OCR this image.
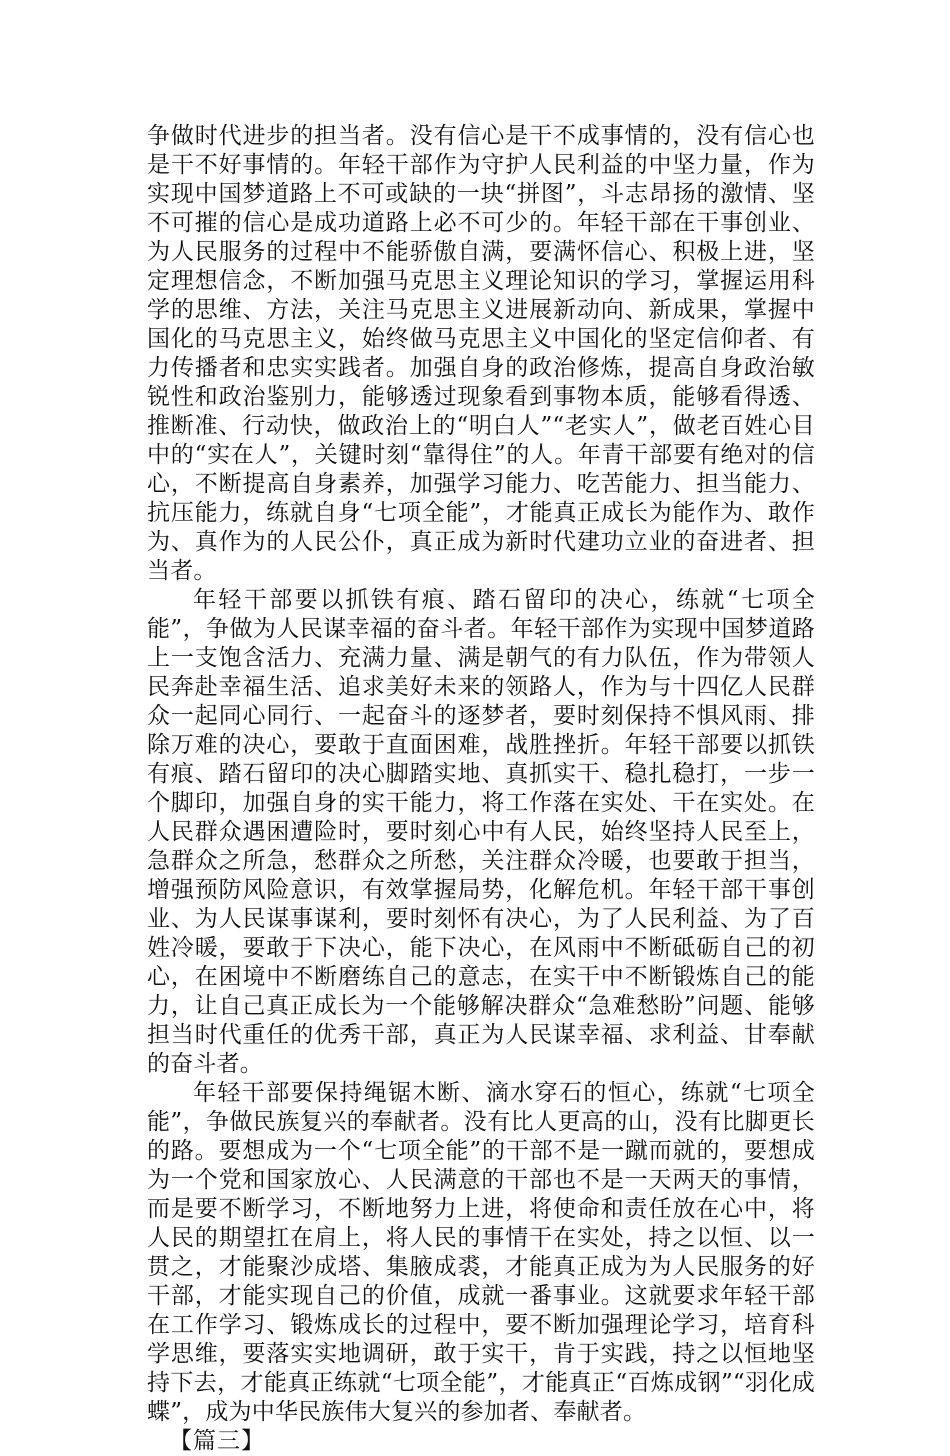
争做时代进步的担当者。没有信心是干不成事情的，没有信心也是干不好事情的。年轻干部作为守护人民利益的中坚力量，作为实现中国梦道路上不可或缺的一块“拼图”，斗志昂扬的激情、坚不可摧的信心是成功道路上必不可少的。年轻干部在干事创业、为人民服务的过程中不能骄傲自满，要满怀信心、积极上进，坚定理想信念，不断加强马克思主义理论知识的学习，掌握运用科学的思维、方法，关注马克思主义进展新动向、新成果，掌握中国化的马克思主义，始终做马克思主义中国化的坚定信仰者、有力传播者和忠实实践者。加强自身的政治修炼，提高自身政治敏锐性和政治鉴别力，能够透过现象看到事物本质，能够看得透、推断准、行动快，做政治上的“明白人”“老实人”，做老百姓心目中的“实在人”，关键时刻“靠得住”的人。年青干部要有绝对的信心，不断提高自身素养，加强学习能力、吃苦能力、担当能力、抗压能力，练就自身“七项全能”，才能真正成长为能作为、敢作为、真作为的人民公仆，真正成为新时代建功立业的奋进者、担当者。

年轻干部要以抓铁有痕、踏石留印的决心，练就“七项全能”，争做为人民谋幸福的奋斗者。年轻干部作为实现中国梦道路上一支饱含活力、充满力量、满是朝气的有力队伍，作为带领人民奔赴幸福生活、追求美好未来的领路人，作为与十四亿人民群众一起同心同行、一起奋斗的逐梦者，要时刻保持不惧风雨、排除万难的决心，要敢于直面困难，战胜挫折。年轻干部要以抓铁有痕、踏石留印的决心脚踏实地、真抓实干、稳扎稳打，一步一个脚印，加强自身的实干能力，将工作落在实处、干在实处。在人民群众遇困遭险时，要时刻心中有人民，始终坚持人民至上，急群众之所急，愁群众之所愁，关注群众冷暖，也要敢于担当，增强预防风险意识，有效掌握局势，化解危机。年轻干部干事创业、为人民谋事谋利，要时刻怀有决心，为了人民利益、为了百姓冷暖，要敢于下决心，能下决心，在风雨中不断砥砺自己的初心，在困境中不断磨练自己的意志，在实干中不断锻炼自己的能力，让自己真正成长为一个能够解决群众“急难愁盼”问题、能够担当时代重任的优秀干部，真正为人民谋幸福、求利益、甘奉献的奋斗者。

年轻干部要保持绳锯木断、滴水穿石的恒心，练就“七项全能”，争做民族复兴的奉献者。没有比人更高的山，没有比脚更长的路。要想成为一个“七项全能”的干部不是一蹴而就的，要想成为一个党和国家放心、人民满意的干部也不是一天两天的事情，而是要不断学习，不断地努力上进，将使命和责任放在心中，将人民的期望扛在肩上，将人民的事情干在实处，持之以恒、以一贯之，才能聚沙成塔、集腋成裘，才能真正成为为人民服务的好干部，才能实现自己的价值，成就一番事业。这就要求年轻干部在工作学习、锻炼成长的过程中，要不断加强理论学习，培育科学思维，要落实实地调研，敢于实干，肯于实践，持之以恒地坚持下去，才能真正练就“七项全能”，才能真正“百炼成钢”“羽化成蝶”，成为中华民族伟大复兴的参加者、奉献者。

【篇三】
